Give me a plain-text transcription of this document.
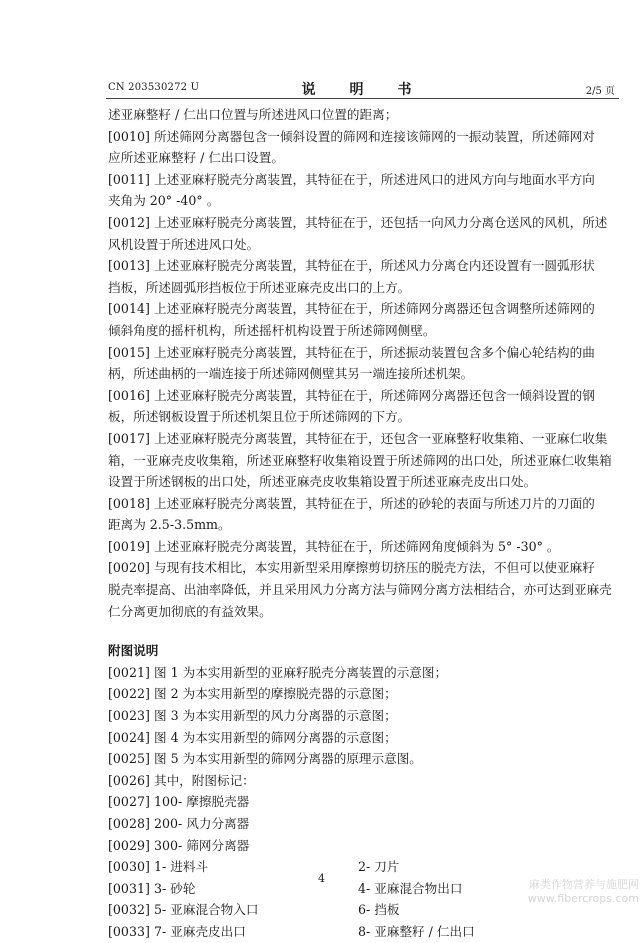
CN 203530272 U	说　明　书	2/5 页
述亚麻整籽 / 仁出口位置与所述进风口位置的距离；
[0010] 所述筛网分离器包含一倾斜设置的筛网和连接该筛网的一振动装置，所述筛网对
应所述亚麻整籽 / 仁出口设置。
[0011] 上述亚麻籽脱壳分离装置，其特征在于，所述进风口的进风方向与地面水平方向
夹角为 20° -40° 。
[0012] 上述亚麻籽脱壳分离装置，其特征在于，还包括一向风力分离仓送风的风机，所述
风机设置于所述进风口处。
[0013] 上述亚麻籽脱壳分离装置，其特征在于，所述风力分离仓内还设置有一圆弧形状
挡板，所述圆弧形挡板位于所述亚麻壳皮出口的上方。
[0014] 上述亚麻籽脱壳分离装置，其特征在于，所述筛网分离器还包含调整所述筛网的
倾斜角度的摇杆机构，所述摇杆机构设置于所述筛网侧壁。
[0015] 上述亚麻籽脱壳分离装置，其特征在于，所述振动装置包含多个偏心轮结构的曲
柄，所述曲柄的一端连接于所述筛网侧壁其另一端连接所述机架。
[0016] 上述亚麻籽脱壳分离装置，其特征在于，所述筛网分离器还包含一倾斜设置的钢
板，所述钢板设置于所述机架且位于所述筛网的下方。
[0017] 上述亚麻籽脱壳分离装置，其特征在于，还包含一亚麻整籽收集箱、一亚麻仁收集
箱，一亚麻壳皮收集箱，所述亚麻整籽收集箱设置于所述筛网的出口处，所述亚麻仁收集箱
设置于所述钢板的出口处，所述亚麻壳皮收集箱设置于所述亚麻壳皮出口处。
[0018] 上述亚麻籽脱壳分离装置，其特征在于，所述的砂轮的表面与所述刀片的刀面的
距离为 2.5-3.5mm。
[0019] 上述亚麻籽脱壳分离装置，其特征在于，所述筛网角度倾斜为 5° -30° 。
[0020] 与现有技术相比，本实用新型采用摩擦剪切挤压的脱壳方法，不但可以使亚麻籽
脱壳率提高、出油率降低，并且采用风力分离方法与筛网分离方法相结合，亦可达到亚麻壳
仁分离更加彻底的有益效果。
附图说明
[0021] 图 1 为本实用新型的亚麻籽脱壳分离装置的示意图；
[0022] 图 2 为本实用新型的摩擦脱壳器的示意图；
[0023] 图 3 为本实用新型的风力分离器的示意图；
[0024] 图 4 为本实用新型的筛网分离器的示意图；
[0025] 图 5 为本实用新型的筛网分离器的原理示意图。
[0026] 其中，附图标记：
[0027] 100- 摩擦脱壳器
[0028] 200- 风力分离器
[0029] 300- 筛网分离器
[0030] 1- 进料斗	2- 刀片
[0031] 3- 砂轮	4- 亚麻混合物出口
[0032] 5- 亚麻混合物入口	6- 挡板
[0033] 7- 亚麻壳皮出口	8- 亚麻整籽 / 仁出口
4	麻类作物营养与施肥网
www.fibercrops.com
